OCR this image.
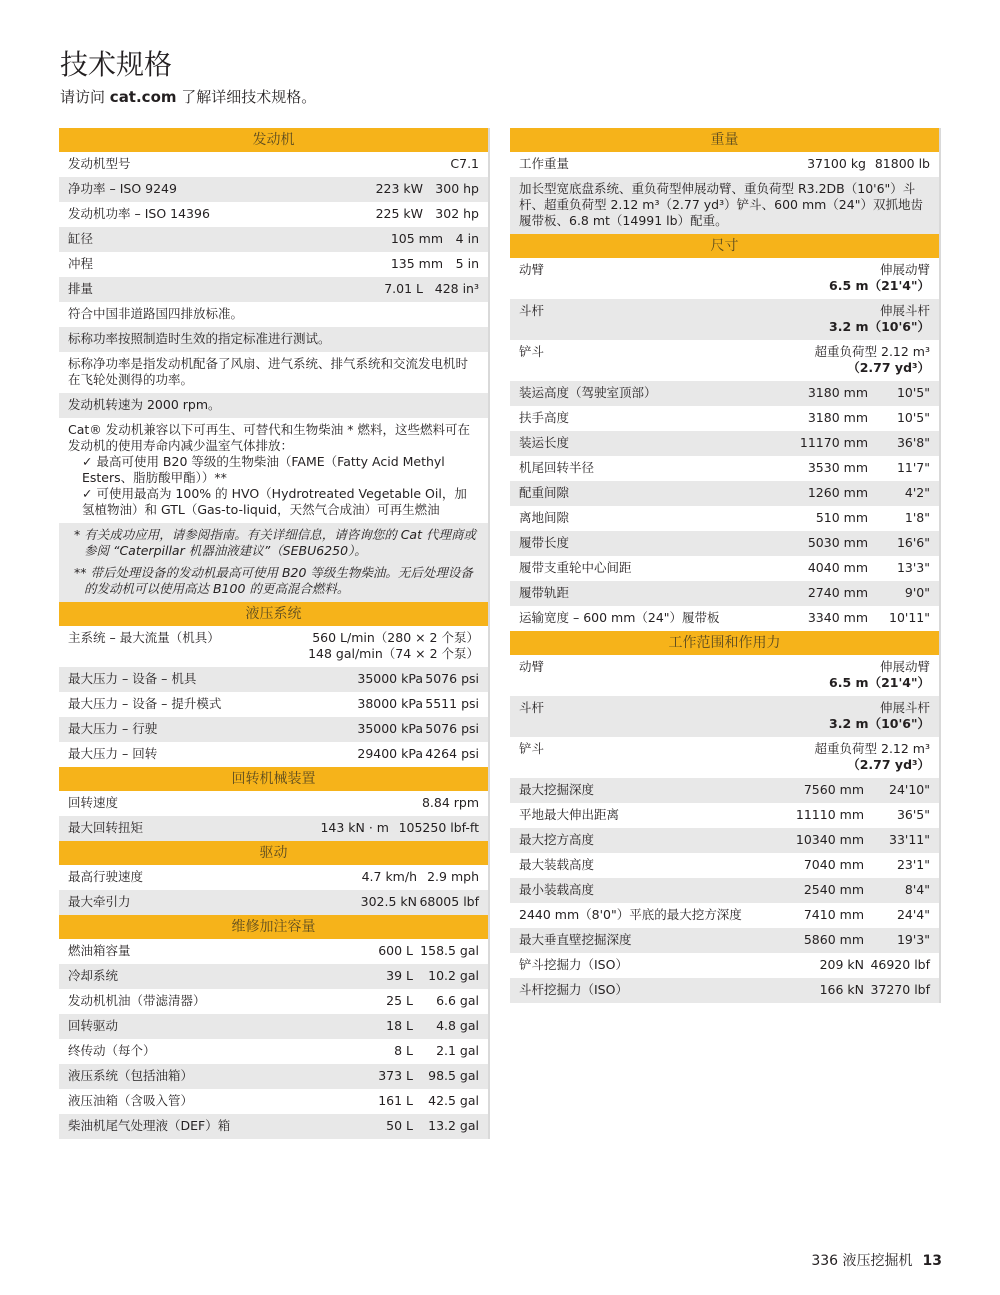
技术规格
请访问 cat.com 了解详细技术规格。
发动机
发动机型号	C7.1
净功率 – ISO 9249	223 kW 300 hp
发动机功率 – ISO 14396	225 kW 302 hp
缸径	105 mm	4 in
冲程	135 mm	5 in
排量	7.01 L 428 in³
符合中国非道路国四排放标准。
标称功率按照制造时生效的指定标准进行测试。
标称净功率是指发动机配备了风扇、进气系统、排气系统和交流发电机时在飞轮处测得的功率。
发动机转速为 2000 rpm。
Cat® 发动机兼容以下可再生、可替代和生物柴油 * 燃料，这些燃料可在发动机的使用寿命内减少温室气体排放：
✓ 最高可使用 B20 等级的生物柴油（FAME（Fatty Acid Methyl Esters、脂肪酸甲酯））**
✓ 可使用最高为 100% 的 HVO（Hydrotreated Vegetable Oil，加氢植物油）和 GTL（Gas-to-liquid，天然气合成油）可再生燃油
* 有关成功应用，请参阅指南。有关详细信息，请咨询您的 Cat 代理商或参阅 “Caterpillar 机器油液建议”（SEBU6250）。
** 带后处理设备的发动机最高可使用 B20 等级生物柴油。无后处理设备的发动机可以使用高达 B100 的更高混合燃料。
液压系统
主系统 – 最大流量（机具）	560 L/min（280 × 2 个泵）
148 gal/min（74 × 2 个泵）
最大压力 – 设备 – 机具	35000 kPa 5076 psi
最大压力 – 设备 – 提升模式	38000 kPa 5511 psi
最大压力 – 行驶	35000 kPa 5076 psi
最大压力 – 回转	29400 kPa 4264 psi
回转机械装置
回转速度	8.84 rpm
最大回转扭矩	143 kN · m 105250 lbf-ft
驱动
最高行驶速度	4.7 km/h 2.9 mph
最大牵引力	302.5 kN 68005 lbf
维修加注容量
燃油箱容量	600 L 158.5 gal
冷却系统	39 L	10.2 gal
发动机机油（带滤清器）	25 L	6.6 gal
回转驱动	18 L	4.8 gal
终传动（每个）	8 L	2.1 gal
液压系统（包括油箱）	373 L	98.5 gal
液压油箱（含吸入管）	161 L	42.5 gal
柴油机尾气处理液（DEF）箱	50 L	13.2 gal
重量
工作重量	37100 kg 81800 lb
加长型宽底盘系统、重负荷型伸展动臂、重负荷型 R3.2DB（10'6"）斗杆、超重负荷型 2.12 m³（2.77 yd³）铲斗、600 mm（24"）双抓地齿履带板、6.8 mt（14991 lb）配重。
尺寸
动臂	伸展动臂
6.5 m（21'4"）
斗杆	伸展斗杆
3.2 m（10'6"）
铲斗	超重负荷型 2.12 m³
（2.77 yd³）
装运高度（驾驶室顶部）	3180 mm	10'5"
扶手高度	3180 mm	10'5"
装运长度	11170 mm	36'8"
机尾回转半径	3530 mm	11'7"
配重间隙	1260 mm	4'2"
离地间隙	510 mm	1'8"
履带长度	5030 mm	16'6"
履带支重轮中心间距	4040 mm	13'3"
履带轨距	2740 mm	9'0"
运输宽度 – 600 mm（24"）履带板	3340 mm	10'11"
工作范围和作用力
动臂	伸展动臂
6.5 m（21'4"）
斗杆	伸展斗杆
3.2 m（10'6"）
铲斗	超重负荷型 2.12 m³
（2.77 yd³）
最大挖掘深度	7560 mm	24'10"
平地最大伸出距离	11110 mm	36'5"
最大挖方高度	10340 mm	33'11"
最大装载高度	7040 mm	23'1"
最小装载高度	2540 mm	8'4"
2440 mm（8'0"）平底的最大挖方深度	7410 mm	24'4"
最大垂直壁挖掘深度	5860 mm	19'3"
铲斗挖掘力（ISO）	209 kN 46920 lbf
斗杆挖掘力（ISO）	166 kN 37270 lbf
336 液压挖掘机 13
